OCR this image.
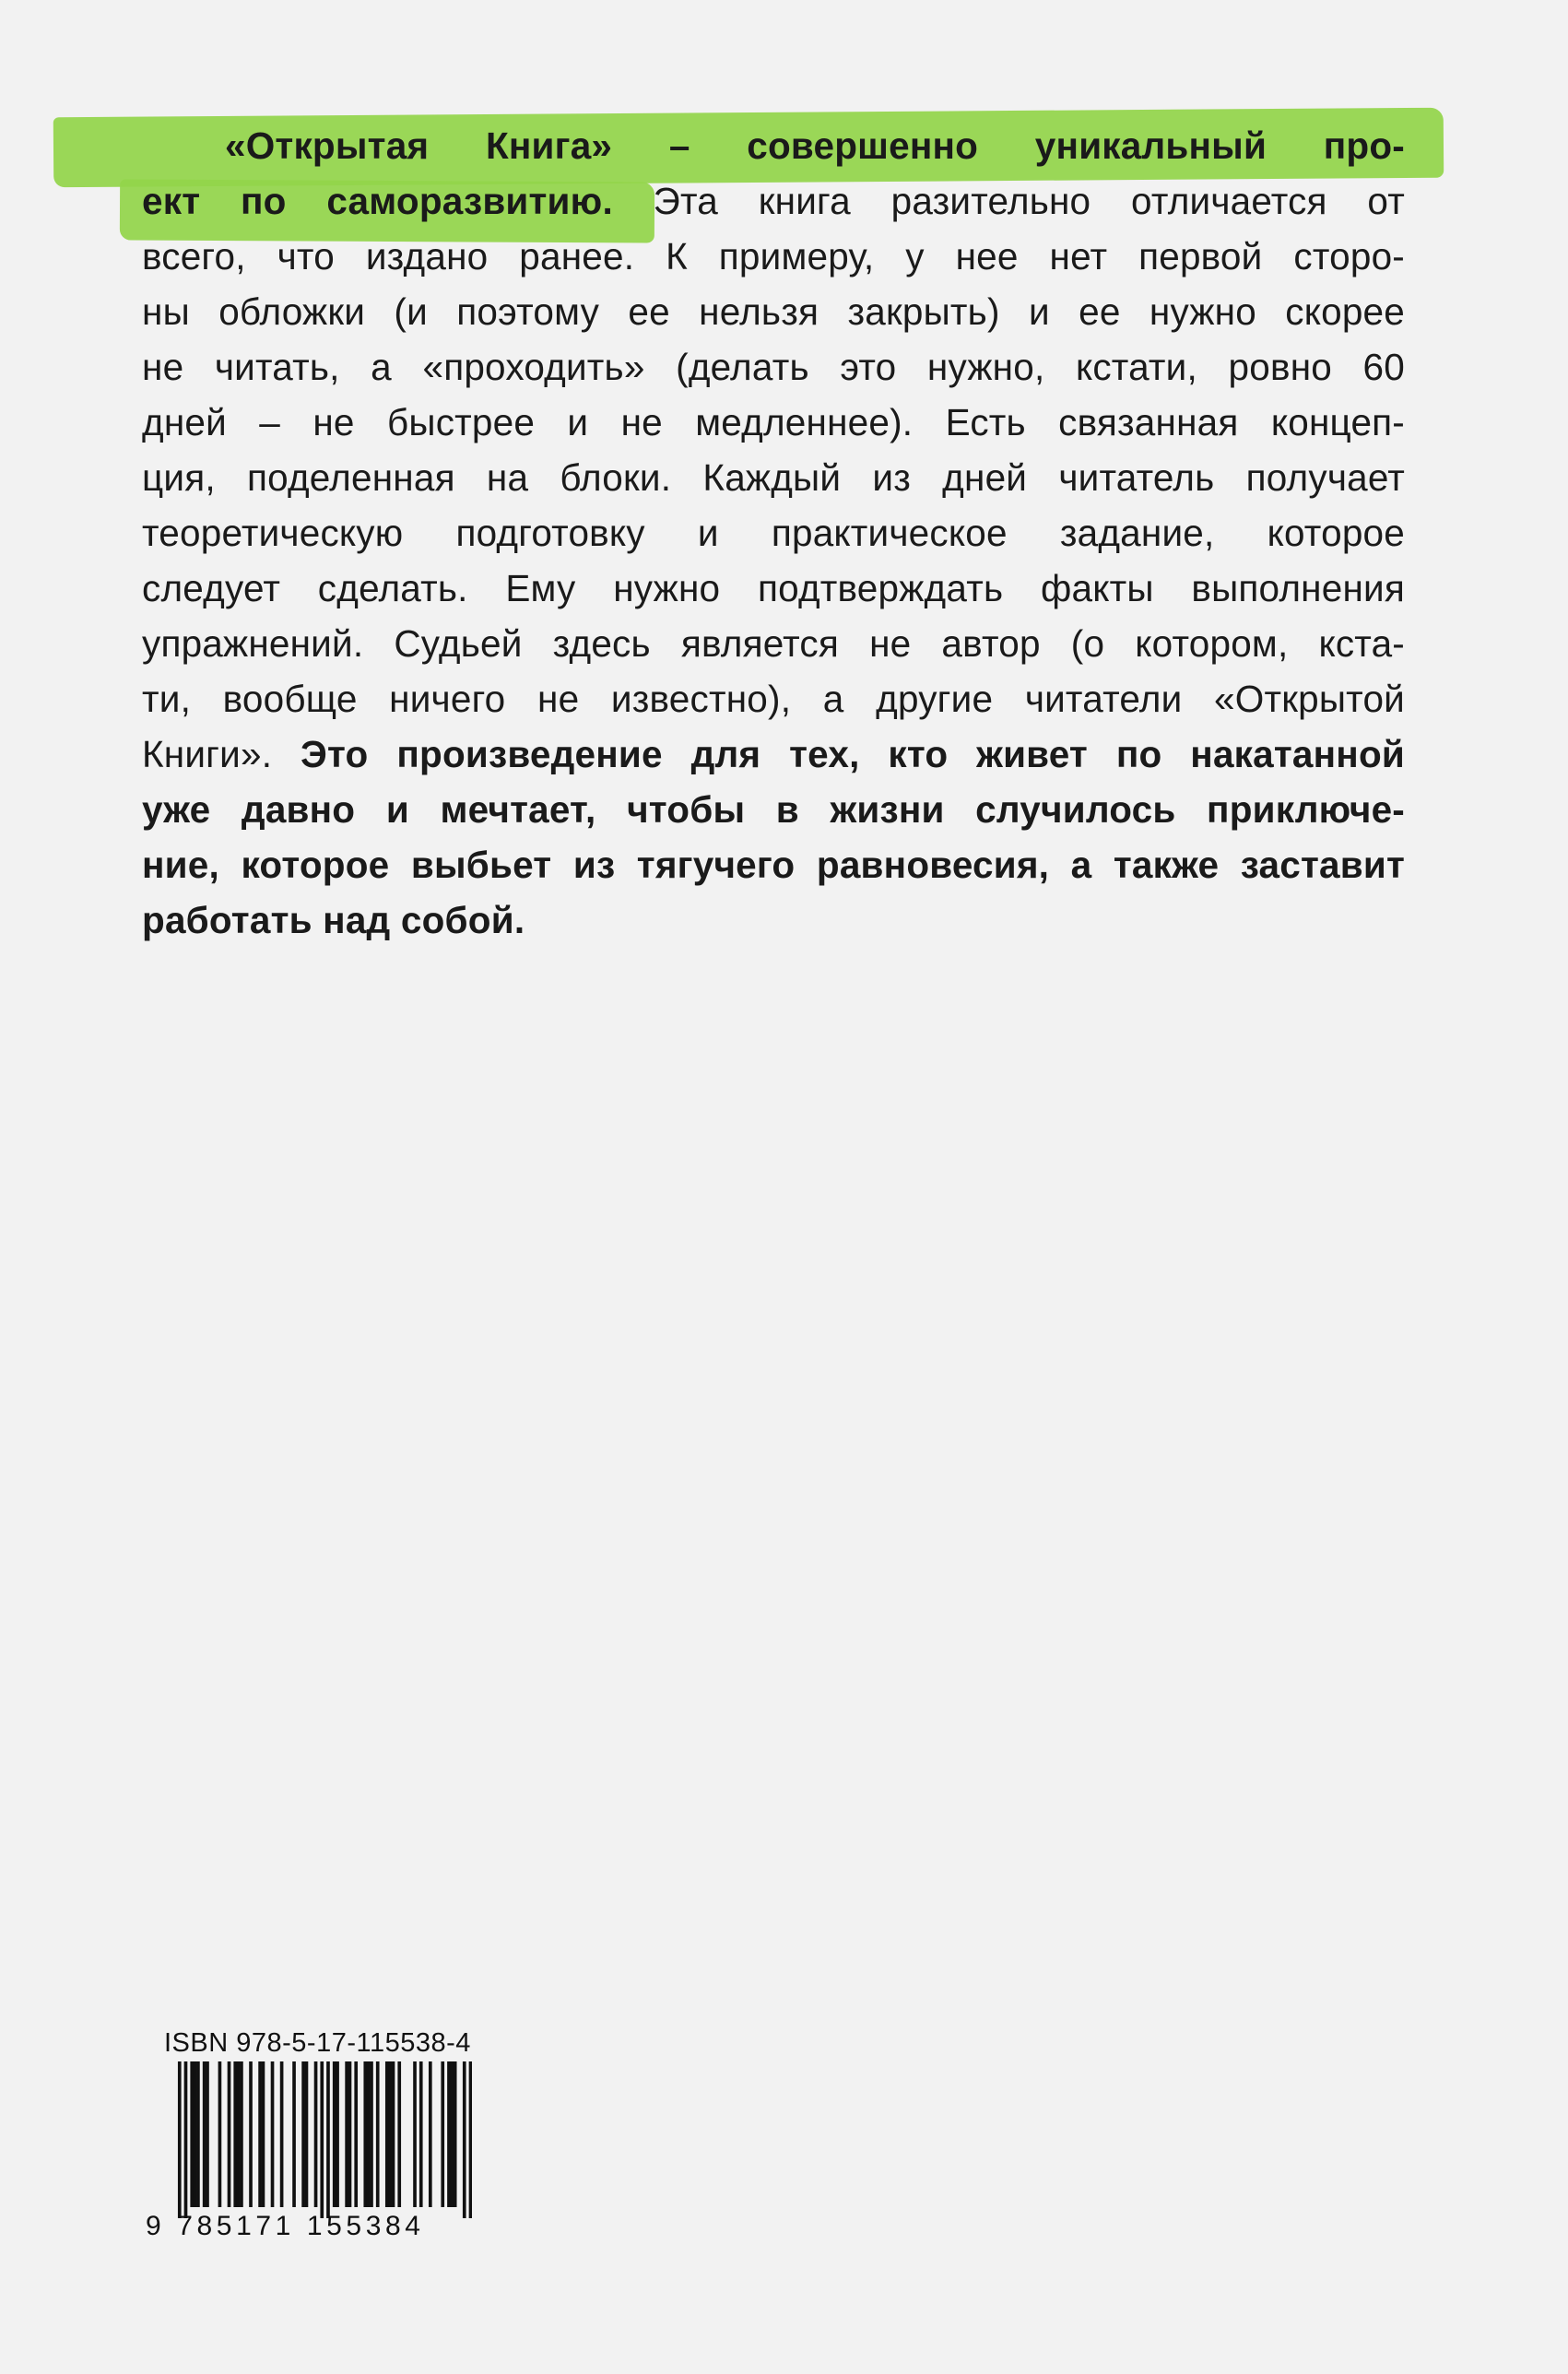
«Открытая Книга» – совершенно уникальный про-
ект по саморазвитию. Эта книга разительно отличается от
всего, что издано ранее. К примеру, у нее нет первой сторо-
ны обложки (и поэтому ее нельзя закрыть) и ее нужно скорее
не читать, а «проходить» (делать это нужно, кстати, ровно 60
дней – не быстрее и не медленнее). Есть связанная концеп-
ция, поделенная на блоки. Каждый из дней читатель получает
теоретическую подготовку и практическое задание, которое
следует сделать. Ему нужно подтверждать факты выполнения
упражнений. Судьей здесь является не автор (о котором, кста-
ти, вообще ничего не известно), а другие читатели «Открытой
Книги». Это произведение для тех, кто живет по накатанной
уже давно и мечтает, чтобы в жизни случилось приключе-
ние, которое выбьет из тягучего равновесия, а также заставит
работать над собой.
ISBN 978-5-17-115538-4
9 785171 155384
